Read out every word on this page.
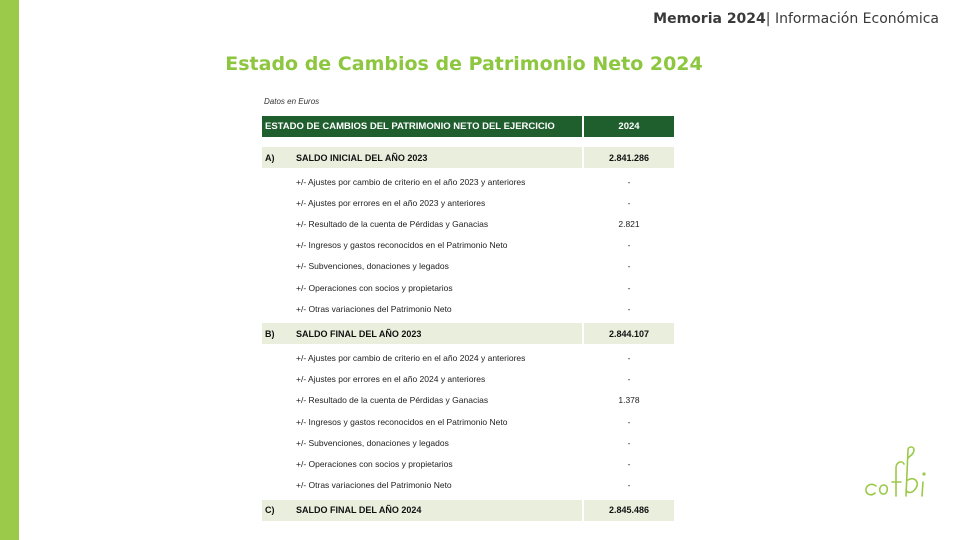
Memoria 2024| Información Económica
Estado de Cambios de Patrimonio Neto 2024
Datos en Euros
ESTADO DE CAMBIOS DEL PATRIMONIO NETO DEL EJERCICIO	2024
A) SALDO INICIAL DEL AÑO 2023	2.841.286
+/- Ajustes por cambio de criterio en el año 2023 y anteriores	-
+/- Ajustes por errores en el año 2023 y anteriores	-
+/- Resultado de la cuenta de Pérdidas y Ganacias	2.821
+/- Ingresos y gastos reconocidos en el Patrimonio Neto	-
+/- Subvenciones, donaciones y legados	-
+/- Operaciones con socios y propietarios	-
+/- Otras variaciones del Patrimonio Neto	-
B) SALDO FINAL DEL AÑO 2023	2.844.107
+/- Ajustes por cambio de criterio en el año 2024 y anteriores	-
+/- Ajustes por errores en el año 2024 y anteriores	-
+/- Resultado de la cuenta de Pérdidas y Ganacias	1.378
+/- Ingresos y gastos reconocidos en el Patrimonio Neto	-
+/- Subvenciones, donaciones y legados	-
+/- Operaciones con socios y propietarios	-
+/- Otras variaciones del Patrimonio Neto	-
C) SALDO FINAL DEL AÑO 2024	2.845.486
